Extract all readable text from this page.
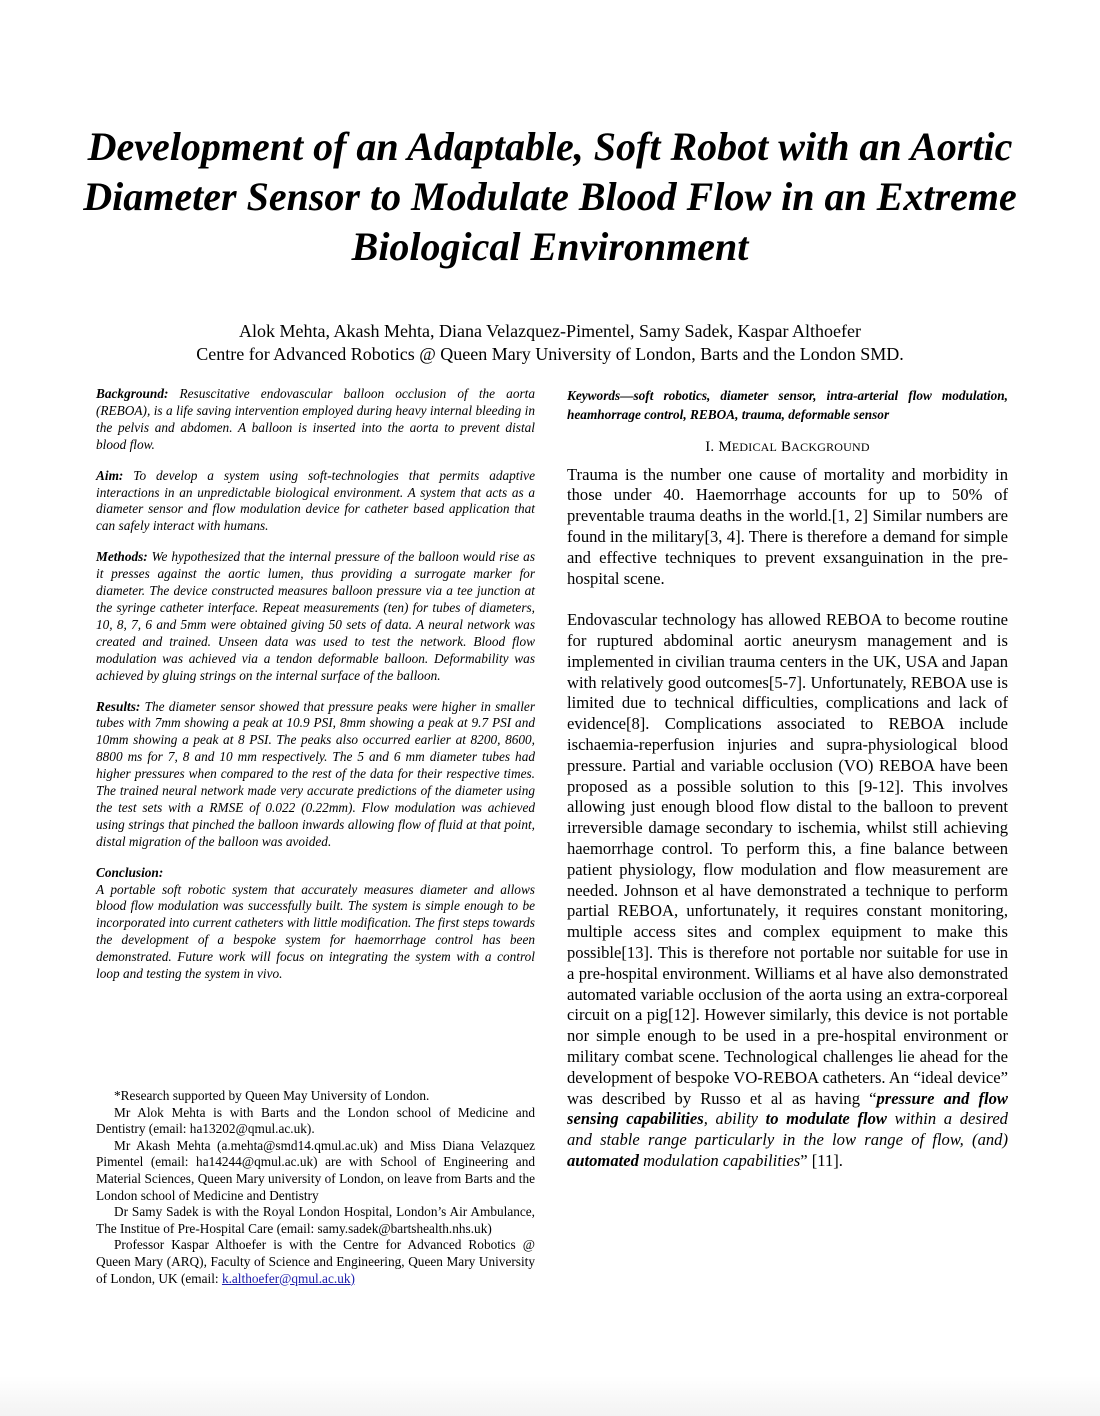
Development of an Adaptable, Soft Robot with an Aortic Diameter Sensor to Modulate Blood Flow in an Extreme Biological Environment
Alok Mehta, Akash Mehta, Diana Velazquez-Pimentel, Samy Sadek, Kaspar Althoefer
Centre for Advanced Robotics @ Queen Mary University of London, Barts and the London SMD.

Background: Resuscitative endovascular balloon occlusion of the aorta (REBOA), is a life saving intervention employed during heavy internal bleeding in the pelvis and abdomen. A balloon is inserted into the aorta to prevent distal blood flow.

Aim: To develop a system using soft-technologies that permits adaptive interactions in an unpredictable biological environment. A system that acts as a diameter sensor and flow modulation device for catheter based application that can safely interact with humans.

Methods: We hypothesized that the internal pressure of the balloon would rise as it presses against the aortic lumen, thus providing a surrogate marker for diameter. The device constructed measures balloon pressure via a tee junction at the syringe catheter interface. Repeat measurements (ten) for tubes of diameters, 10, 8, 7, 6 and 5mm were obtained giving 50 sets of data. A neural network was created and trained. Unseen data was used to test the network. Blood flow modulation was achieved via a tendon deformable balloon. Deformability was achieved by gluing strings on the internal surface of the balloon.

Results: The diameter sensor showed that pressure peaks were higher in smaller tubes with 7mm showing a peak at 10.9 PSI, 8mm showing a peak at 9.7 PSI and 10mm showing a peak at 8 PSI. The peaks also occurred earlier at 8200, 8600, 8800 ms for 7, 8 and 10 mm respectively. The 5 and 6 mm diameter tubes had higher pressures when compared to the rest of the data for their respective times. The trained neural network made very accurate predictions of the diameter using the test sets with a RMSE of 0.022 (0.22mm). Flow modulation was achieved using strings that pinched the balloon inwards allowing flow of fluid at that point, distal migration of the balloon was avoided.

Conclusion:
A portable soft robotic system that accurately measures diameter and allows blood flow modulation was successfully built. The system is simple enough to be incorporated into current catheters with little modification. The first steps towards the development of a bespoke system for haemorrhage control has been demonstrated. Future work will focus on integrating the system with a control loop and testing the system in vivo.

*Research supported by Queen May University of London.

Mr Alok Mehta is with Barts and the London school of Medicine and Dentistry (email: ha13202@qmul.ac.uk).

Mr Akash Mehta (a.mehta@smd14.qmul.ac.uk) and Miss Diana Velazquez Pimentel (email: ha14244@qmul.ac.uk) are with School of Engineering and Material Sciences, Queen Mary university of London, on leave from Barts and the London school of Medicine and Dentistry

Dr Samy Sadek is with the Royal London Hospital, London’s Air Ambulance, The Institue of Pre-Hospital Care (email: samy.sadek@bartshealth.nhs.uk)

Professor Kaspar Althoefer is with the Centre for Advanced Robotics @ Queen Mary (ARQ), Faculty of Science and Engineering, Queen Mary University of London, UK (email: k.althoefer@qmul.ac.uk)

Keywords—soft robotics, diameter sensor, intra-arterial flow modulation, heamhorrage control, REBOA, trauma, deformable sensor

I. MEDICAL BACKGROUND

Trauma is the number one cause of mortality and morbidity in those under 40. Haemorrhage accounts for up to 50% of preventable trauma deaths in the world.[1, 2] Similar numbers are found in the military[3, 4]. There is therefore a demand for simple and effective techniques to prevent exsanguination in the pre-hospital scene.

Endovascular technology has allowed REBOA to become routine for ruptured abdominal aortic aneurysm management and is implemented in civilian trauma centers in the UK, USA and Japan with relatively good outcomes[5-7]. Unfortunately, REBOA use is limited due to technical difficulties, complications and lack of evidence[8]. Complications associated to REBOA include ischaemia-reperfusion injuries and supra-physiological blood pressure. Partial and variable occlusion (VO) REBOA have been proposed as a possible solution to this [9-12]. This involves allowing just enough blood flow distal to the balloon to prevent irreversible damage secondary to ischemia, whilst still achieving haemorrhage control. To perform this, a fine balance between patient physiology, flow modulation and flow measurement are needed. Johnson et al have demonstrated a technique to perform partial REBOA, unfortunately, it requires constant monitoring, multiple access sites and complex equipment to make this possible[13]. This is therefore not portable nor suitable for use in a pre-hospital environment. Williams et al have also demonstrated automated variable occlusion of the aorta using an extra-corporeal circuit on a pig[12]. However similarly, this device is not portable nor simple enough to be used in a pre-hospital environment or military combat scene. Technological challenges lie ahead for the development of bespoke VO-REBOA catheters. An “ideal device” was described by Russo et al as having “pressure and flow sensing capabilities, ability to modulate flow within a desired and stable range particularly in the low range of flow, (and) automated modulation capabilities” [11].
